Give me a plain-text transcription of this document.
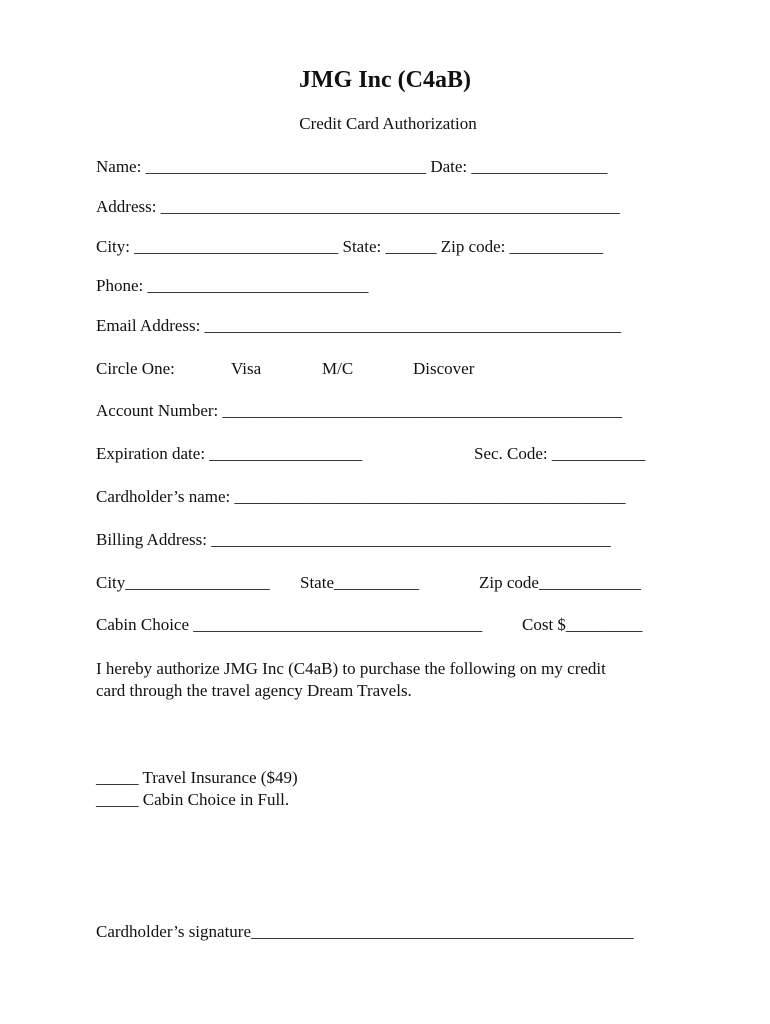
JMG Inc (C4aB)
Credit Card Authorization
Name: _________________________________ Date: ________________
Address: ______________________________________________________
City: ________________________ State: ______ Zip code: ___________
Phone: __________________________
Email Address: _________________________________________________
Circle One:	Visa	M/C	Discover
Account Number: _______________________________________________
Expiration date: __________________	Sec. Code: ___________
Cardholder’s name: ______________________________________________
Billing Address: _______________________________________________
City_________________ State__________	Zip code____________
Cabin Choice __________________________________ Cost $_________
I hereby authorize JMG Inc (C4aB) to purchase the following on my credit
card through the travel agency Dream Travels.
_____ Travel Insurance ($49)
_____ Cabin Choice in Full.
Cardholder’s signature_____________________________________________
